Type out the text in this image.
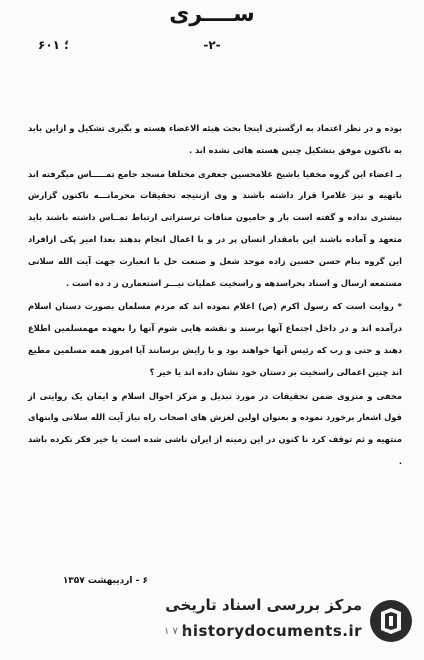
ســــری
-۲-
۶۰۱ ؛

بوده و در نظر اعتماد به ارگستری اینجا بحث هیئه الاعضاء هسته و بگیری تشکیل و ازاین باید به ناکنون موفق بتشکیل چنین هسته هائی نشده اند .

بـ اعضاء این گروه مخفیا باشیخ غلامحسین جعفری مختلفا مسجد جامع تمـــــاس میگرفته اند ناتهیه و نیز غلامرا قرار داشته باشند و وی ازنتیجه تحقیقات محرمانـــه ناکنون گزارش بیشتری نداده و گفته است بار و حامیون منافات ترستراتی ارتباط تمــاس داشته باشند باید متعهد و آماده باشند این بامقدار انسان پر در و با اعمال انجام بدهند بعدا امیر پکی ازافراد این گروه بنام حسن حسین زاده موحد شعل و صنعت حل با انعبارت جهت آیت الله سلانی مستمعه ارسال و اسناد بحراسدهه و راسخیت عملیات نیـــر استعمارن ز د ده است .

* روایت است که رسول اکرم (ص) اعلام نموده اند که مردم مسلمان بصورت دستان اسلام درآمده اند و در داخل اجتماع آنها برسند و نقشه هایی شوم آنها را بعهده مهمسلمین اطلاع دهند و حتی و رب که رئیس آنها خواهند بود و با رایش برسانند آیا امروز همه مسلمین مطیع اند چنین اعمالی راسخیت بر دستان خود نشان داده اند یا خیر ؟

مخفی و منزوی ضمن تحقیقات در مورد تبدیل و مرکز احوال اسلام و ایمان یک روایتی از قول اشعار برخورد نموده و بعنوان اولین لغزش های اصحاب راه نیاز آیت الله سلانی وابنهای منتهیه و ثم توقف کرد نا کنون در این زمینه از ایران ناشی شده است یا خیر فکر نکرده باشد .

۶ - اردیبهشت ۱۳۵۷
مرکز بررسی اسناد تاریخی
historydocuments.ir
۱ ۷ ۱
